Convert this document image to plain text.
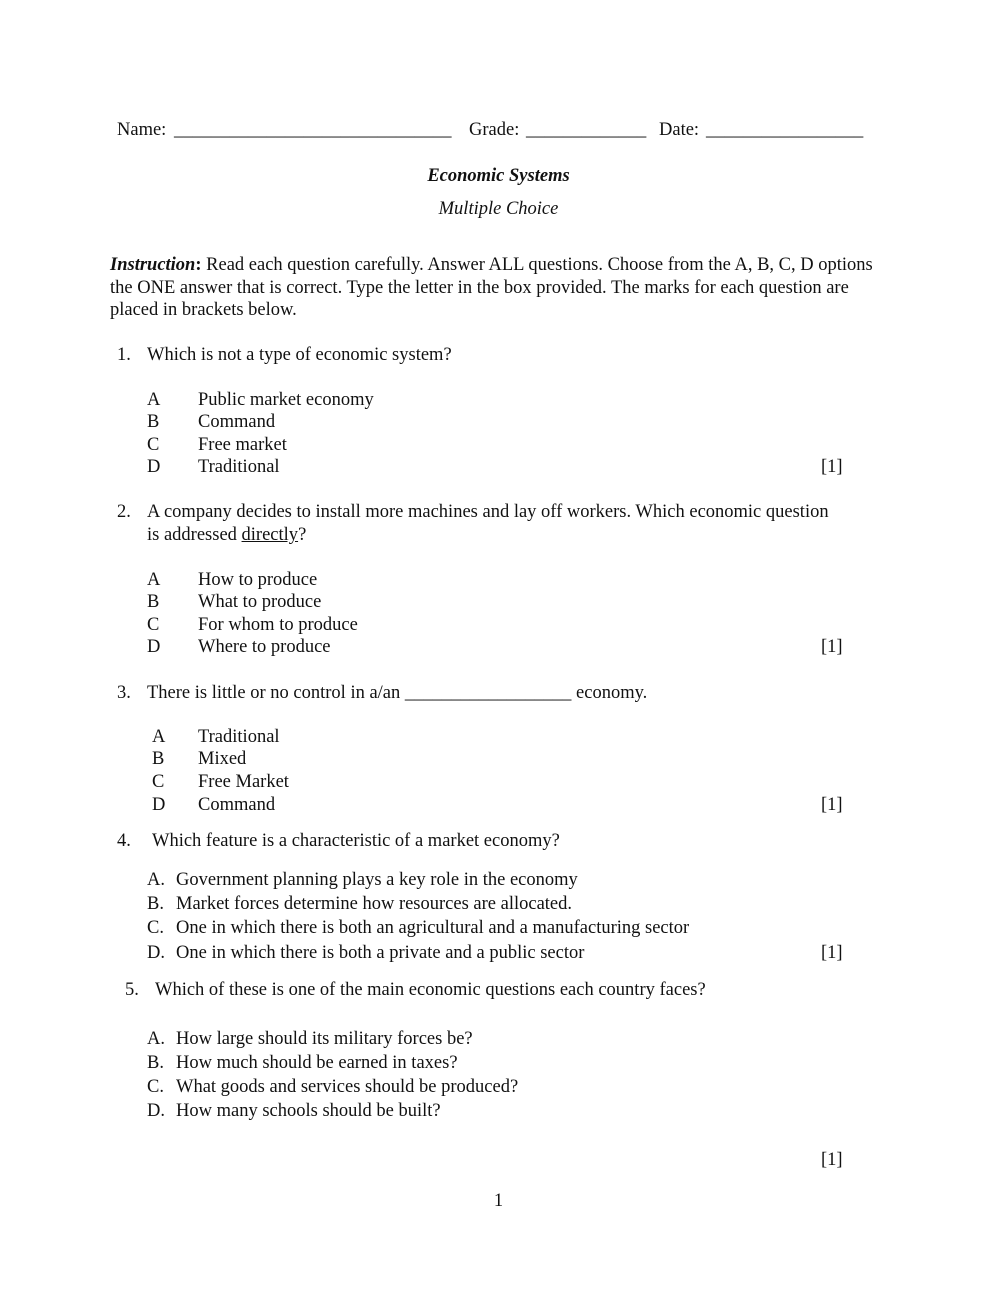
Name: ______________________________ Grade: _____________ Date: _________________
Economic Systems
Multiple Choice
Instruction: Read each question carefully. Answer ALL questions. Choose from the A, B, C, D options the ONE answer that is correct. Type the letter in the box provided. The marks for each question are placed in brackets below.
1. Which is not a type of economic system?
A Public market economy
B Command
C Free market
D Traditional	[1]
2. A company decides to install more machines and lay off workers. Which economic question
is addressed directly?
A How to produce
B What to produce
C For whom to produce
D Where to produce	[1]
3. There is little or no control in a/an __________________ economy.
A Traditional
B Mixed
C Free Market
D Command	[1]
4. Which feature is a characteristic of a market economy?
A. Government planning plays a key role in the economy
B. Market forces determine how resources are allocated.
C. One in which there is both an agricultural and a manufacturing sector
D. One in which there is both a private and a public sector	[1]
5. Which of these is one of the main economic questions each country faces?
A. How large should its military forces be?
B. How much should be earned in taxes?
C. What goods and services should be produced?
D. How many schools should be built?
[1]
1
